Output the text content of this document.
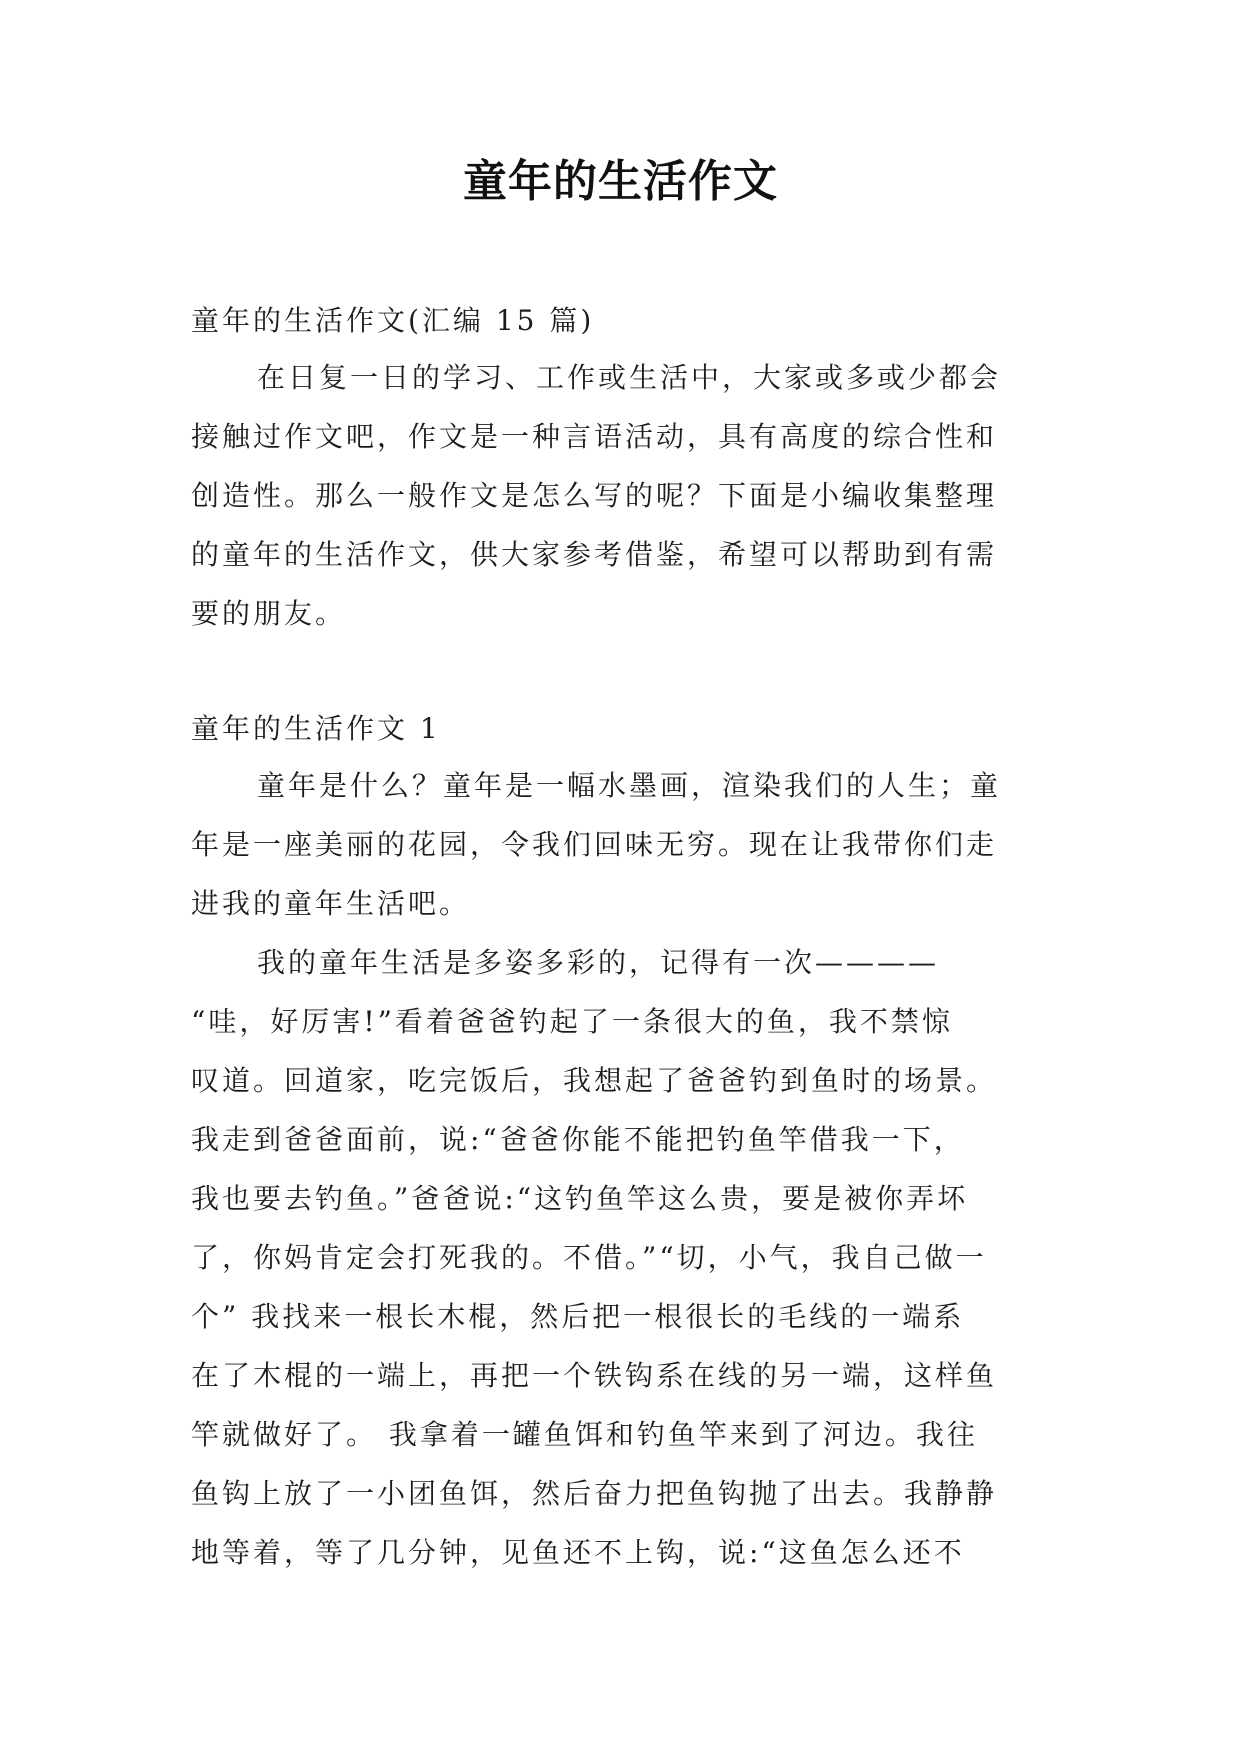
童年的生活作文
童年的生活作文(汇编 15 篇)
在日复一日的学习、工作或生活中，大家或多或少都会
接触过作文吧，作文是一种言语活动，具有高度的综合性和
创造性。那么一般作文是怎么写的呢？下面是小编收集整理
的童年的生活作文，供大家参考借鉴，希望可以帮助到有需
要的朋友。
童年的生活作文 1
童年是什么？童年是一幅水墨画，渲染我们的人生；童
年是一座美丽的花园，令我们回味无穷。现在让我带你们走
进我的童年生活吧。
我的童年生活是多姿多彩的，记得有一次————
“哇，好厉害!”看着爸爸钓起了一条很大的鱼，我不禁惊
叹道。回道家，吃完饭后，我想起了爸爸钓到鱼时的场景。
我走到爸爸面前，说:“爸爸你能不能把钓鱼竿借我一下，
我也要去钓鱼。”爸爸说:“这钓鱼竿这么贵，要是被你弄坏
了，你妈肯定会打死我的。不借。”“切，小气，我自己做一
个” 我找来一根长木棍，然后把一根很长的毛线的一端系
在了木棍的一端上，再把一个铁钩系在线的另一端，这样鱼
竿就做好了。 我拿着一罐鱼饵和钓鱼竿来到了河边。我往
鱼钩上放了一小团鱼饵，然后奋力把鱼钩抛了出去。我静静
地等着，等了几分钟，见鱼还不上钩，说:“这鱼怎么还不
